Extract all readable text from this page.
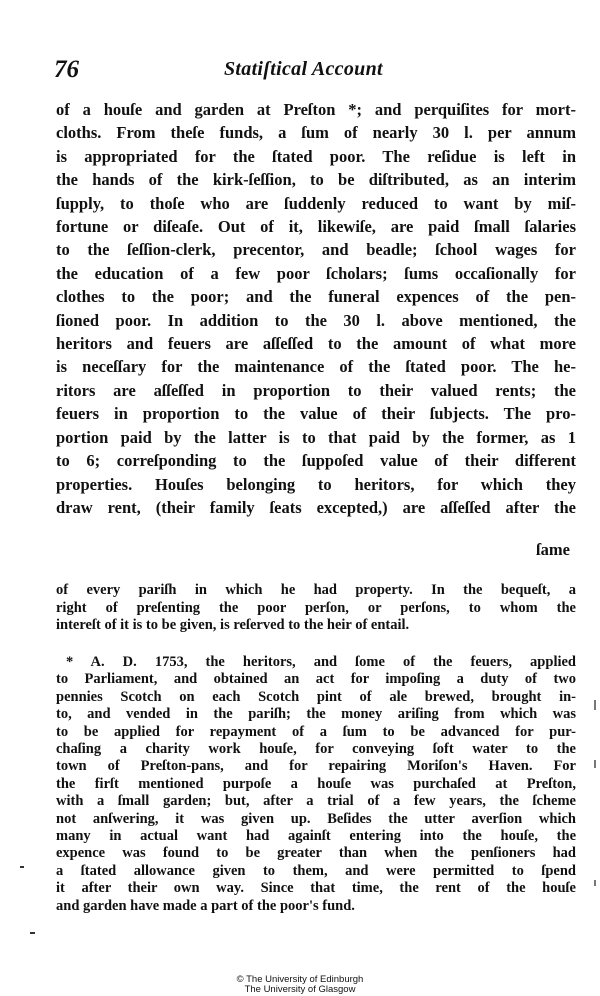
76	Statiſtical Account
of a houſe and garden at Preſton *; and perquiſites for mort-
cloths. From theſe funds, a ſum of nearly 30 l. per annum
is appropriated for the ſtated poor. The reſidue is left in
the hands of the kirk-ſeſſion, to be diſtributed, as an interim
ſupply, to thoſe who are ſuddenly reduced to want by miſ-
fortune or diſeaſe. Out of it, likewiſe, are paid ſmall ſalaries
to the ſeſſion-clerk, precentor, and beadle; ſchool wages for
the education of a few poor ſcholars; ſums occaſionally for
clothes to the poor; and the funeral expences of the pen-
ſioned poor. In addition to the 30 l. above mentioned, the
heritors and feuers are aſſeſſed to the amount of what more
is neceſſary for the maintenance of the ſtated poor. The he-
ritors are aſſeſſed in proportion to their valued rents; the
feuers in proportion to the value of their ſubjects. The pro-
portion paid by the latter is to that paid by the former, as 1
to 6; correſponding to the ſuppoſed value of their different
properties. Houſes belonging to heritors, for which they
draw rent, (their family ſeats excepted,) are aſſeſſed after the
ſame
of every pariſh in which he had property. In the bequeſt, a
right of preſenting the poor perſon, or perſons, to whom the
intereſt of it is to be given, is reſerved to the heir of entail.
* A. D. 1753, the heritors, and ſome of the feuers, applied
to Parliament, and obtained an act for impoſing a duty of two
pennies Scotch on each Scotch pint of ale brewed, brought in-
to, and vended in the pariſh; the money ariſing from which was
to be applied for repayment of a ſum to be advanced for pur-
chaſing a charity work houſe, for conveying ſoft water to the
town of Preſton-pans, and for repairing Moriſon's Haven. For
the firſt mentioned purpoſe a houſe was purchaſed at Preſton,
with a ſmall garden; but, after a trial of a few years, the ſcheme
not anſwering, it was given up. Beſides the utter averſion which
many in actual want had againſt entering into the houſe, the
expence was found to be greater than when the penſioners had
a ſtated allowance given to them, and were permitted to ſpend
it after their own way. Since that time, the rent of the houſe
and garden have made a part of the poor's fund.
© The University of Edinburgh
The University of Glasgow
